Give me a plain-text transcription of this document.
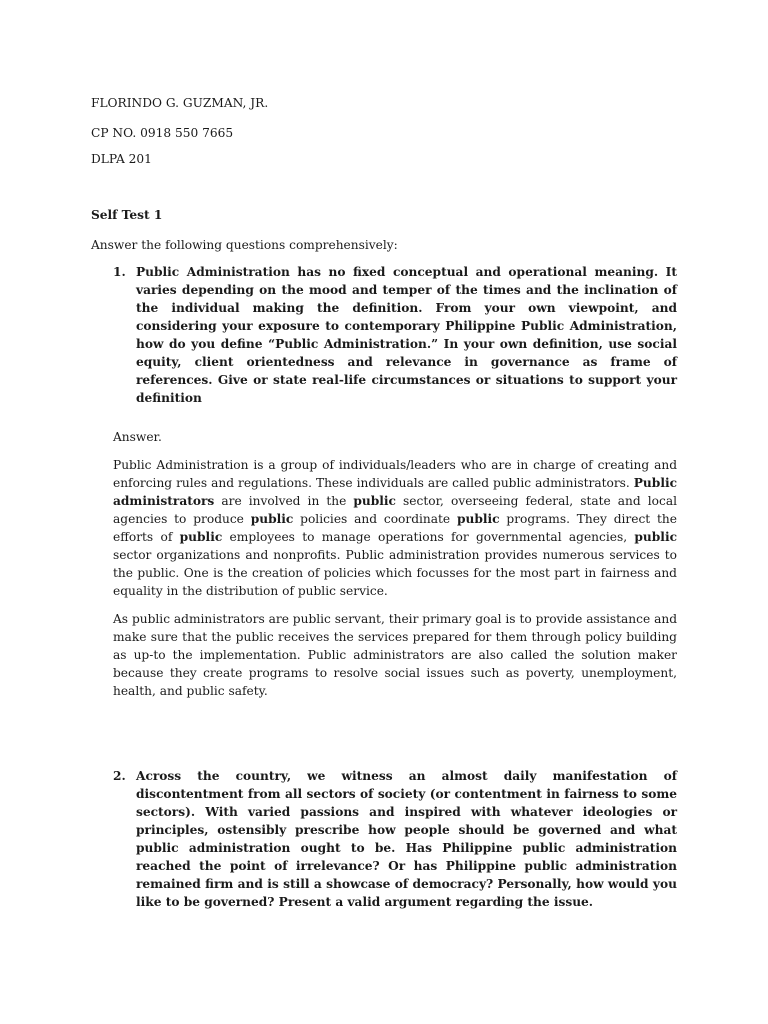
FLORINDO G. GUZMAN, JR.

CP NO. 0918 550 7665

DLPA 201

Self Test 1

Answer the following questions comprehensively:

1. Public Administration has no fixed conceptual and operational meaning. It varies depending on the mood and temper of the times and the inclination of the individual making the definition. From your own viewpoint, and considering your exposure to contemporary Philippine Public Administration, how do you define “Public Administration.” In your own definition, use social equity, client orientedness and relevance in governance as frame of references. Give or state real-life circumstances or situations to support your definition

Answer.

Public Administration is a group of individuals/leaders who are in charge of creating and enforcing rules and regulations. These individuals are called public administrators. Public administrators are involved in the public sector, overseeing federal, state and local agencies to produce public policies and coordinate public programs. They direct the efforts of public employees to manage operations for governmental agencies, public sector organizations and nonprofits. Public administration provides numerous services to the public. One is the creation of policies which focusses for the most part in fairness and equality in the distribution of public service.

As public administrators are public servant, their primary goal is to provide assistance and make sure that the public receives the services prepared for them through policy building as up-to the implementation. Public administrators are also called the solution maker because they create programs to resolve social issues such as poverty, unemployment, health, and public safety.

2. Across the country, we witness an almost daily manifestation of discontentment from all sectors of society (or contentment in fairness to some sectors). With varied passions and inspired with whatever ideologies or principles, ostensibly prescribe how people should be governed and what public administration ought to be. Has Philippine public administration reached the point of irrelevance? Or has Philippine public administration remained firm and is still a showcase of democracy? Personally, how would you like to be governed? Present a valid argument regarding the issue.
